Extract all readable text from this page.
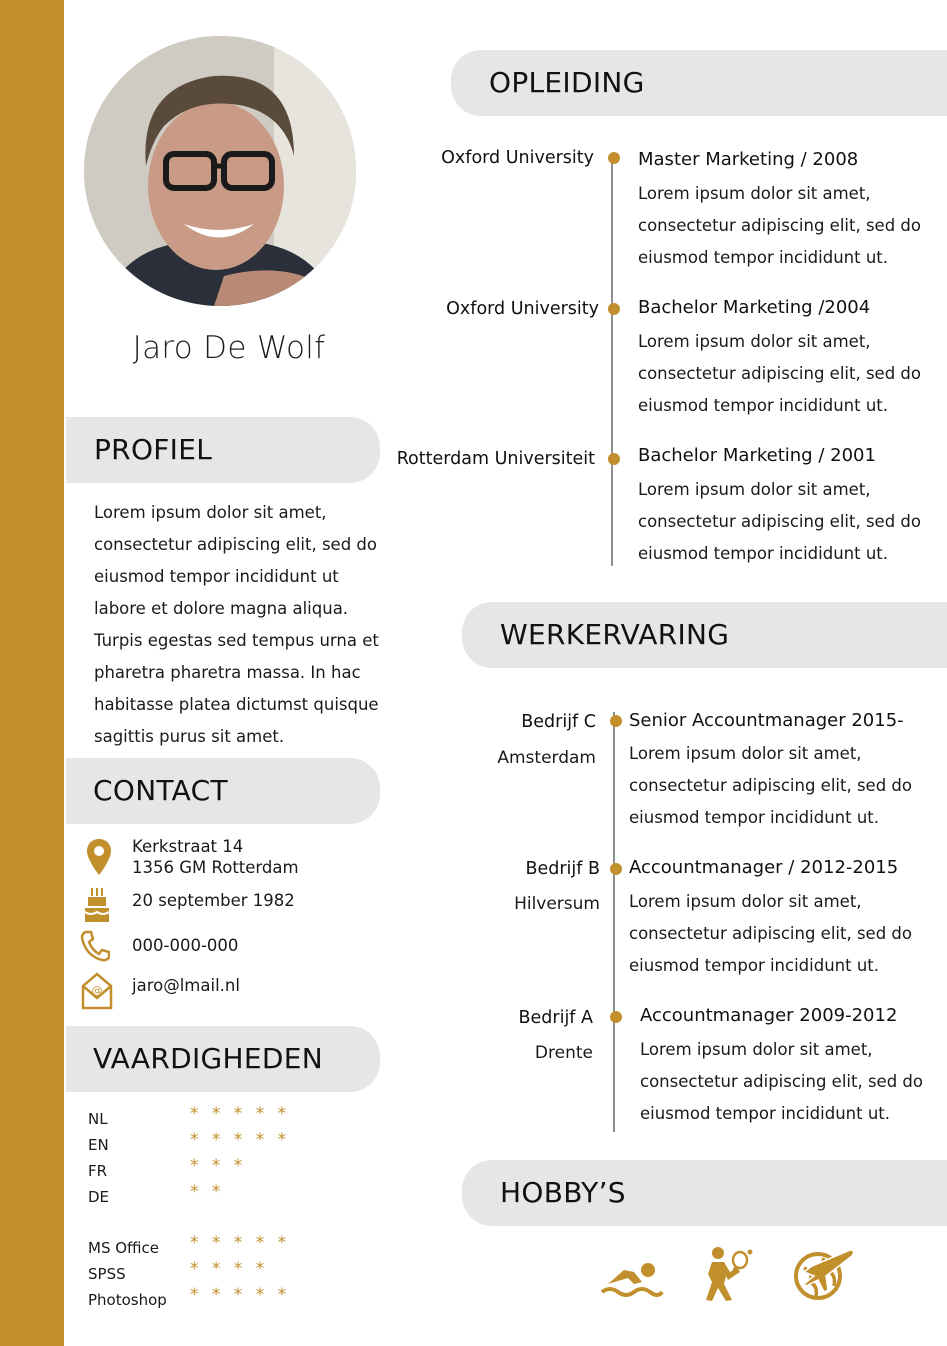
Jaro De Wolf
PROFIEL
Lorem ipsum dolor sit amet, consectetur adipiscing elit, sed do eiusmod tempor incididunt ut labore et dolore magna aliqua. Turpis egestas sed tempus urna et pharetra pharetra massa. In hac habitasse platea dictumst quisque sagittis purus sit amet.
CONTACT
Kerkstraat 14
1356 GM Rotterdam
20 september 1982
000-000-000
@ jaro@lmail.nl
VAARDIGHEDEN
NL	* * * * *
EN	* * * * *
FR	* * *
DE	* *
MS Office * * * * *
SPSS	* * * *
Photoshop * * * * *
OPLEIDING
Oxford University Master Marketing / 2008
Lorem ipsum dolor sit amet, consectetur adipiscing elit, sed do eiusmod tempor incididunt ut.
Oxford University Bachelor Marketing /2004
Lorem ipsum dolor sit amet, consectetur adipiscing elit, sed do eiusmod tempor incididunt ut.
Rotterdam Universiteit Bachelor Marketing / 2001
Lorem ipsum dolor sit amet, consectetur adipiscing elit, sed do eiusmod tempor incididunt ut.
WERKERVARING
Bedrijf C
Amsterdam
Senior Accountmanager 2015-
Lorem ipsum dolor sit amet, consectetur adipiscing elit, sed do eiusmod tempor incididunt ut.
Bedrijf B
Hilversum
Accountmanager / 2012-2015
Lorem ipsum dolor sit amet, consectetur adipiscing elit, sed do eiusmod tempor incididunt ut.
Bedrijf A
Drente
Accountmanager 2009-2012
Lorem ipsum dolor sit amet, consectetur adipiscing elit, sed do eiusmod tempor incididunt ut.
HOBBY’S
